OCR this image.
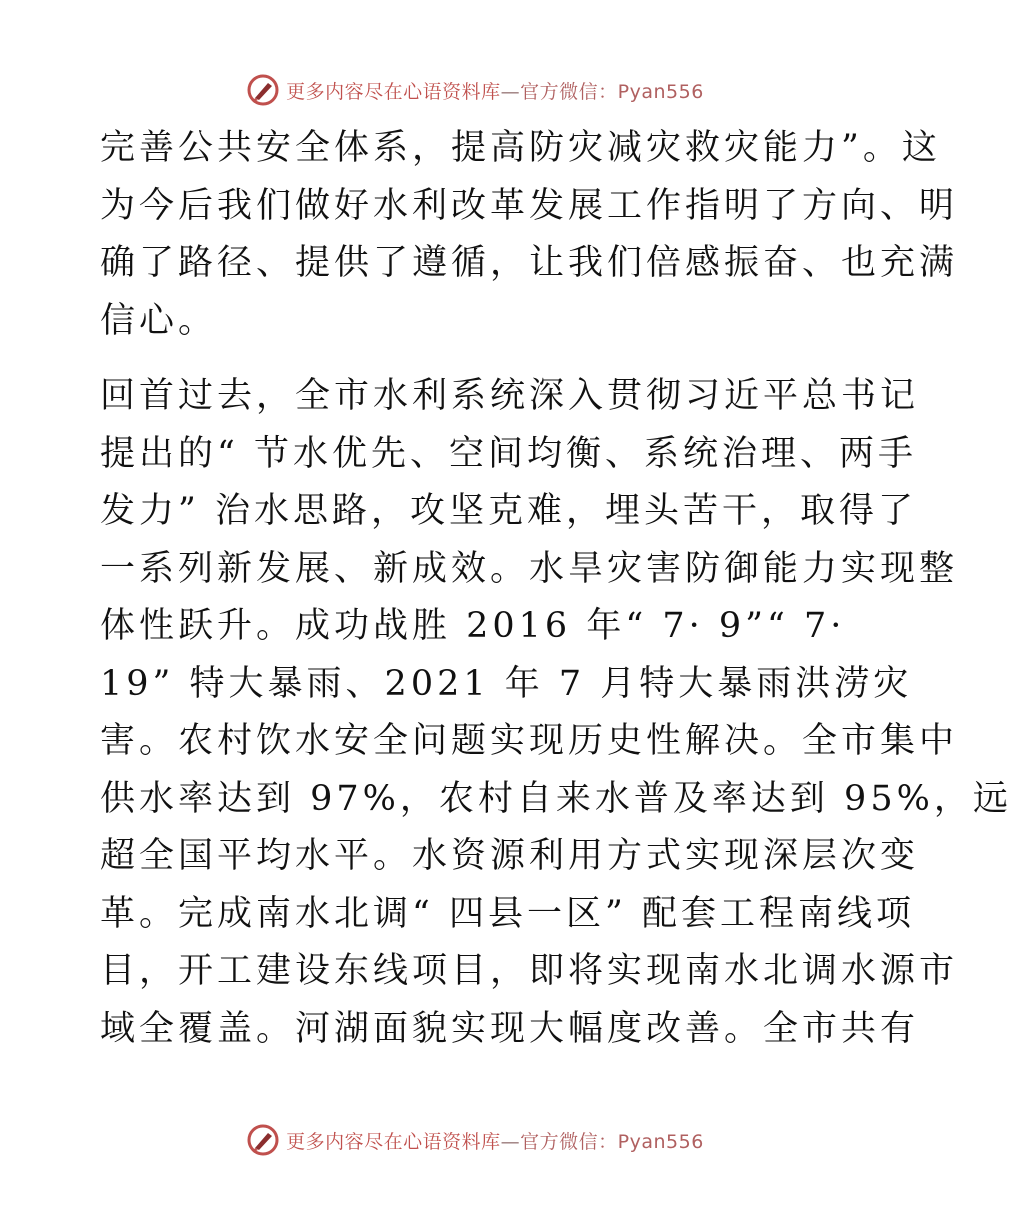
更多内容尽在心语资料库—官方微信：Pyan556

完善公共安全体系，提高防灾减灾救灾能力”。这
为今后我们做好水利改革发展工作指明了方向、明
确了路径、提供了遵循，让我们倍感振奋、也充满
信心。

回首过去，全市水利系统深入贯彻习近平总书记
提出的“ 节水优先、空间均衡、系统治理、两手
发力” 治水思路，攻坚克难，埋头苦干，取得了
一系列新发展、新成效。水旱灾害防御能力实现整
体性跃升。成功战胜 2016 年“ 7· 9”“ 7·
19” 特大暴雨、2021 年 7 月特大暴雨洪涝灾
害。农村饮水安全问题实现历史性解决。全市集中
供水率达到 97%，农村自来水普及率达到 95%，远
超全国平均水平。水资源利用方式实现深层次变
革。完成南水北调“ 四县一区” 配套工程南线项
目，开工建设东线项目，即将实现南水北调水源市
域全覆盖。河湖面貌实现大幅度改善。全市共有

更多内容尽在心语资料库—官方微信：Pyan556
